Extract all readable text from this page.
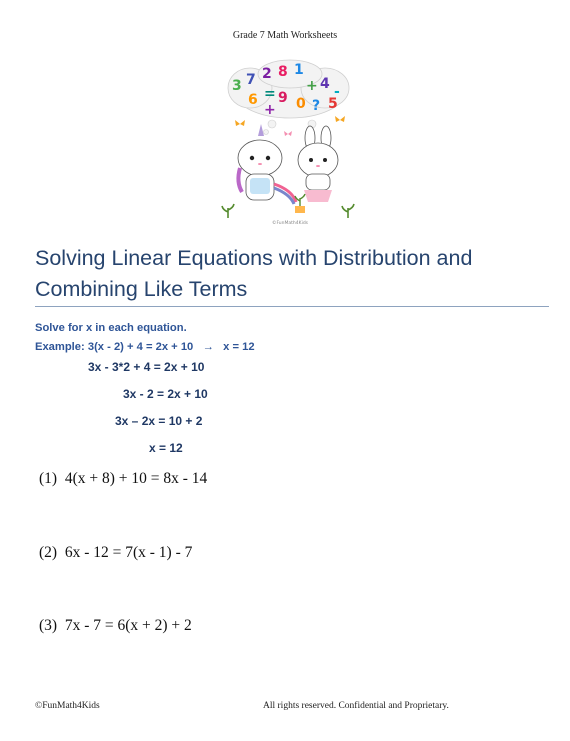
Grade 7 Math Worksheets
3 7 2 8 1
6 = 9
+ 4
0 ? 5
+
-
©FunMath4Kids
Solving Linear Equations with Distribution and
Combining Like Terms
Solve for x in each equation.
Example: 3(x - 2) + 4 = 2x + 10 → x = 12
3x - 3*2 + 4 = 2x + 10
3x - 2 = 2x + 10
3x – 2x = 10 + 2
x = 12
(1) 4(x + 8) + 10 = 8x - 14
(2) 6x - 12 = 7(x - 1) - 7
(3) 7x - 7 = 6(x + 2) + 2
©FunMath4Kids	All rights reserved. Confidential and Proprietary.
